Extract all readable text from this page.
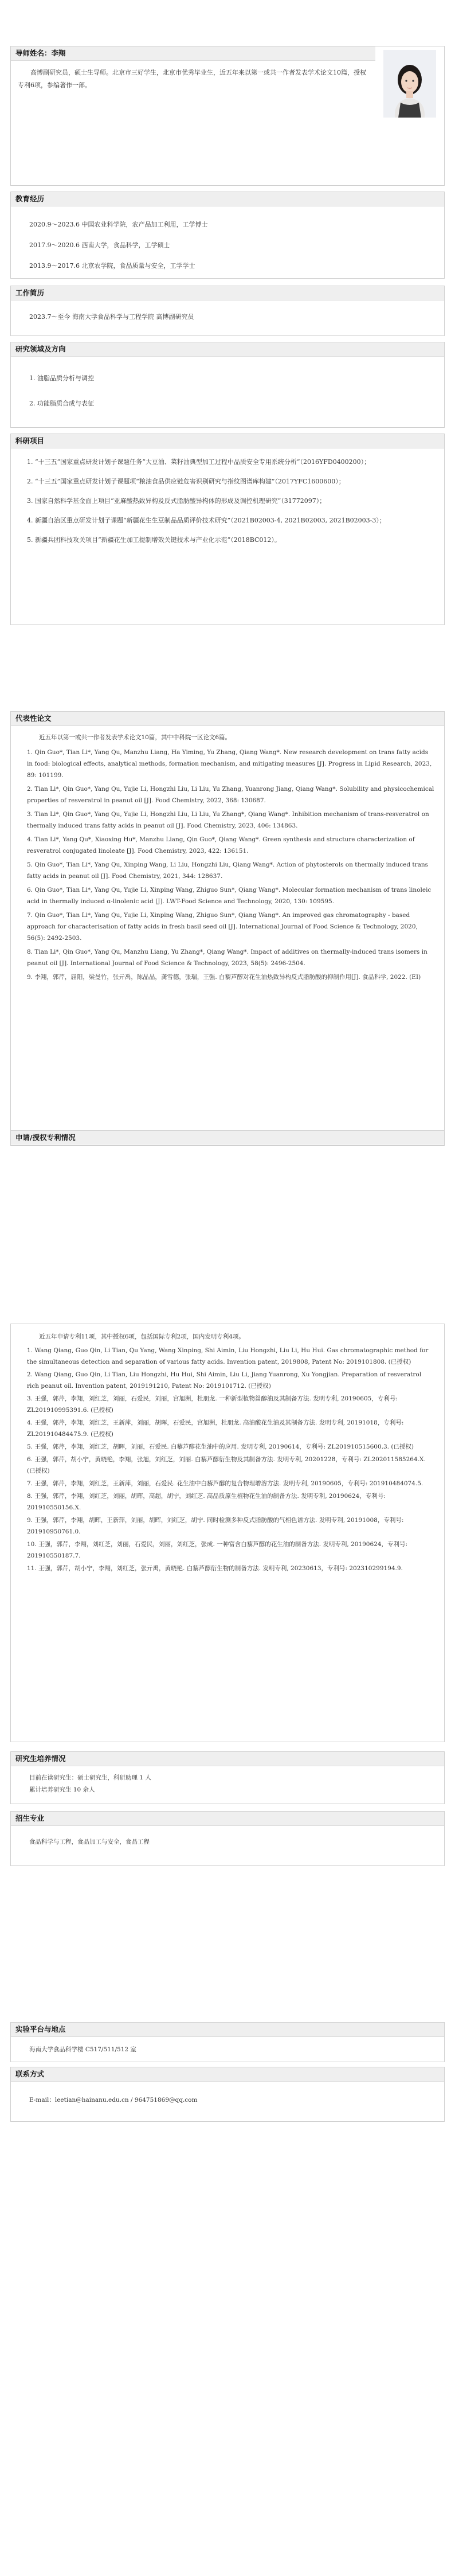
导师姓名：李翔
高博副研究员，硕士生导师。北京市三好学生，北京市优秀毕业生，近五年来以第一或共一作者发表学术论文10篇，授权专利6项，参编著作一部。
教育经历

2020.9～2023.6 中国农业科学院，农产品加工利用，工学博士

2017.9～2020.6 西南大学，食品科学，工学硕士

2013.9～2017.6 北京农学院，食品质量与安全，工学学士

工作简历

2023.7～至今 海南大学食品科学与工程学院 高博副研究员

研究领域及方向

1. 油脂品质分析与调控

2. 功能脂质合成与表征

科研项目

1. “十三五”国家重点研发计划子课题任务“大豆油、菜籽油典型加工过程中品质安全专用系统分析”（2016YFD0400200）；

2. “十三五”国家重点研发计划子课题项“粮油食品供应链危害识别研究与指纹图谱库构建”（2017YFC1600600）；

3. 国家自然科学基金面上项目“亚麻酸热致异构及反式脂肪酸异构体的形成及调控机理研究”（31772097）；

4. 新疆自治区重点研发计划子课题“新疆花生生豆制品品质评价技术研究”（2021B02003-4, 2021B02003, 2021B02003-3）；

5. 新疆兵团科技攻关项目“新疆花生加工提制增效关键技术与产业化示范”（2018BC012）。

代表性论文

近五年以第一或共一作者发表学术论文10篇，其中中科院一区论文6篇。

1. Qin Guo*, Tian Li*, Yang Qu, Manzhu Liang, Ha Yiming, Yu Zhang, Qiang Wang*. New research development on trans fatty acids in food: biological effects, analytical methods, formation mechanism, and mitigating measures [J]. Progress in Lipid Research, 2023, 89: 101199.

2. Tian Li*, Qin Guo*, Yang Qu, Yujie Li, Hongzhi Liu, Li Liu, Yu Zhang, Yuanrong Jiang, Qiang Wang*. Solubility and physicochemical properties of resveratrol in peanut oil [J]. Food Chemistry, 2022, 368: 130687.

3. Tian Li*, Qin Guo*, Yang Qu, Yujie Li, Hongzhi Liu, Li Liu, Yu Zhang*, Qiang Wang*. Inhibition mechanism of trans-resveratrol on thermally induced trans fatty acids in peanut oil [J]. Food Chemistry, 2023, 406: 134863.

4. Tian Li*, Yang Qu*, Xiaoxing Hu*, Manzhu Liang, Qin Guo*, Qiang Wang*. Green synthesis and structure characterization of resveratrol conjugated linoleate [J]. Food Chemistry, 2023, 422: 136151.

5. Qin Guo*, Tian Li*, Yang Qu, Xinping Wang, Li Liu, Hongzhi Liu, Qiang Wang*. Action of phytosterols on thermally induced trans fatty acids in peanut oil [J]. Food Chemistry, 2021, 344: 128637.

6. Qin Guo*, Tian Li*, Yang Qu, Yujie Li, Xinping Wang, Zhiguo Sun*, Qiang Wang*. Molecular formation mechanism of trans linoleic acid in thermally induced α-linolenic acid [J]. LWT-Food Science and Technology, 2020, 130: 109595.

7. Qin Guo*, Tian Li*, Yang Qu, Yujie Li, Xinping Wang, Zhiguo Sun*, Qiang Wang*. An improved gas chromatography - based approach for characterisation of fatty acids in fresh basil seed oil [J]. International Journal of Food Science & Technology, 2020, 56(5): 2492-2503.

8. Tian Li*, Qin Guo*, Yang Qu, Manzhu Liang, Yu Zhang*, Qiang Wang*. Impact of additives on thermally-induced trans isomers in peanut oil [J]. International Journal of Food Science & Technology, 2023, 58(5): 2496-2504.

9. 李翔，郭芹，屈阳，梁曼竹，张亓禹，陈晶晶，龚雪德，张瑞，王强. 白藜芦醇对花生油热致异构反式脂肪酸的抑制作用[J]. 食品科学, 2022. (EI)

申请/授权专利情况

近五年申请专利11项，其中授权6项，包括国际专利2项，国内发明专利4项。

1. Wang Qiang, Guo Qin, Li Tian, Qu Yang, Wang Xinping, Shi Aimin, Liu Hongzhi, Liu Li, Hu Hui. Gas chromatographic method for the simultaneous detection and separation of various fatty acids. Invention patent, 2019808, Patent No: 2019101808. (已授权)

2. Wang Qiang, Guo Qin, Li Tian, Liu Hongzhi, Hu Hui, Shi Aimin, Liu Li, Jiang Yuanrong, Xu Yongjian. Preparation of resveratrol rich peanut oil. Invention patent, 2019191210, Patent No: 2019101712. (已授权)

3. 王强，郭芹，李翔，刘红芝，刘丽，石爱民，刘丽，宫旭洲，杜朋龙. 一种新型植物甾醇油及其制备方法. 发明专利, 20190605，专利号: ZL201910995391.6. (已授权)

4. 王强，郭芹，李翔，刘红芝，王新萍，刘丽，胡晖，石爱民，宫旭洲，杜朋龙. 高油酸花生油及其制备方法. 发明专利, 20191018，专利号: ZL201910484475.9. (已授权)

5. 王强，郭芹，李翔，刘红芝，胡晖，刘丽，石爱民. 白藜芦醇花生油中的应用. 发明专利, 20190614，专利号: ZL201910515600.3. (已授权)

6. 王强，郭芹，胡小宁，黄晓艳，李翔，张旭，刘红芝，刘丽. 白藜芦醇衍生物及其制备方法. 发明专利, 20201228，专利号: ZL202011585264.X. (已授权)

7. 王强，郭芹，李翔，刘红芝，王新萍，刘丽，石爱民. 花生油中白藜芦醇的复合物理增溶方法. 发明专利, 20190605，专利号: 201910484074.5.

8. 王强，郭芹，李翔，刘红芝，刘丽，胡晖，高超，胡宁，刘红芝. 高品质原生植物花生油的制备方法. 发明专利, 20190624，专利号: 201910550156.X.

9. 王强，郭芹，李翔，胡晖，王新萍，刘丽，胡晖，刘红芝，胡宁. 同时检测多种反式脂肪酸的气相色谱方法. 发明专利, 20191008，专利号: 201910950761.0.

10. 王强，郭芹，李翔，刘红芝，刘丽，石爱民，刘丽，刘红芝，张成. 一种富含白藜芦醇的花生油的制备方法. 发明专利, 20190624，专利号: 201910550187.7.

11. 王强，郭芹，胡小宁，李翔，刘红芝，张亓禹，黄晓艳. 白藜芦醇衍生物的制备方法. 发明专利, 20230613，专利号: 202310299194.9.

研究生培养情况

目前在读研究生：硕士研究生，科研助理 1 人

累计培养研究生 10 余人

招生专业

食品科学与工程，食品加工与安全，食品工程

实验平台与地点

海南大学食品科学楼 C517/511/512 室

联系方式

E-mail：leetian@hainanu.edu.cn / 964751869@qq.com
